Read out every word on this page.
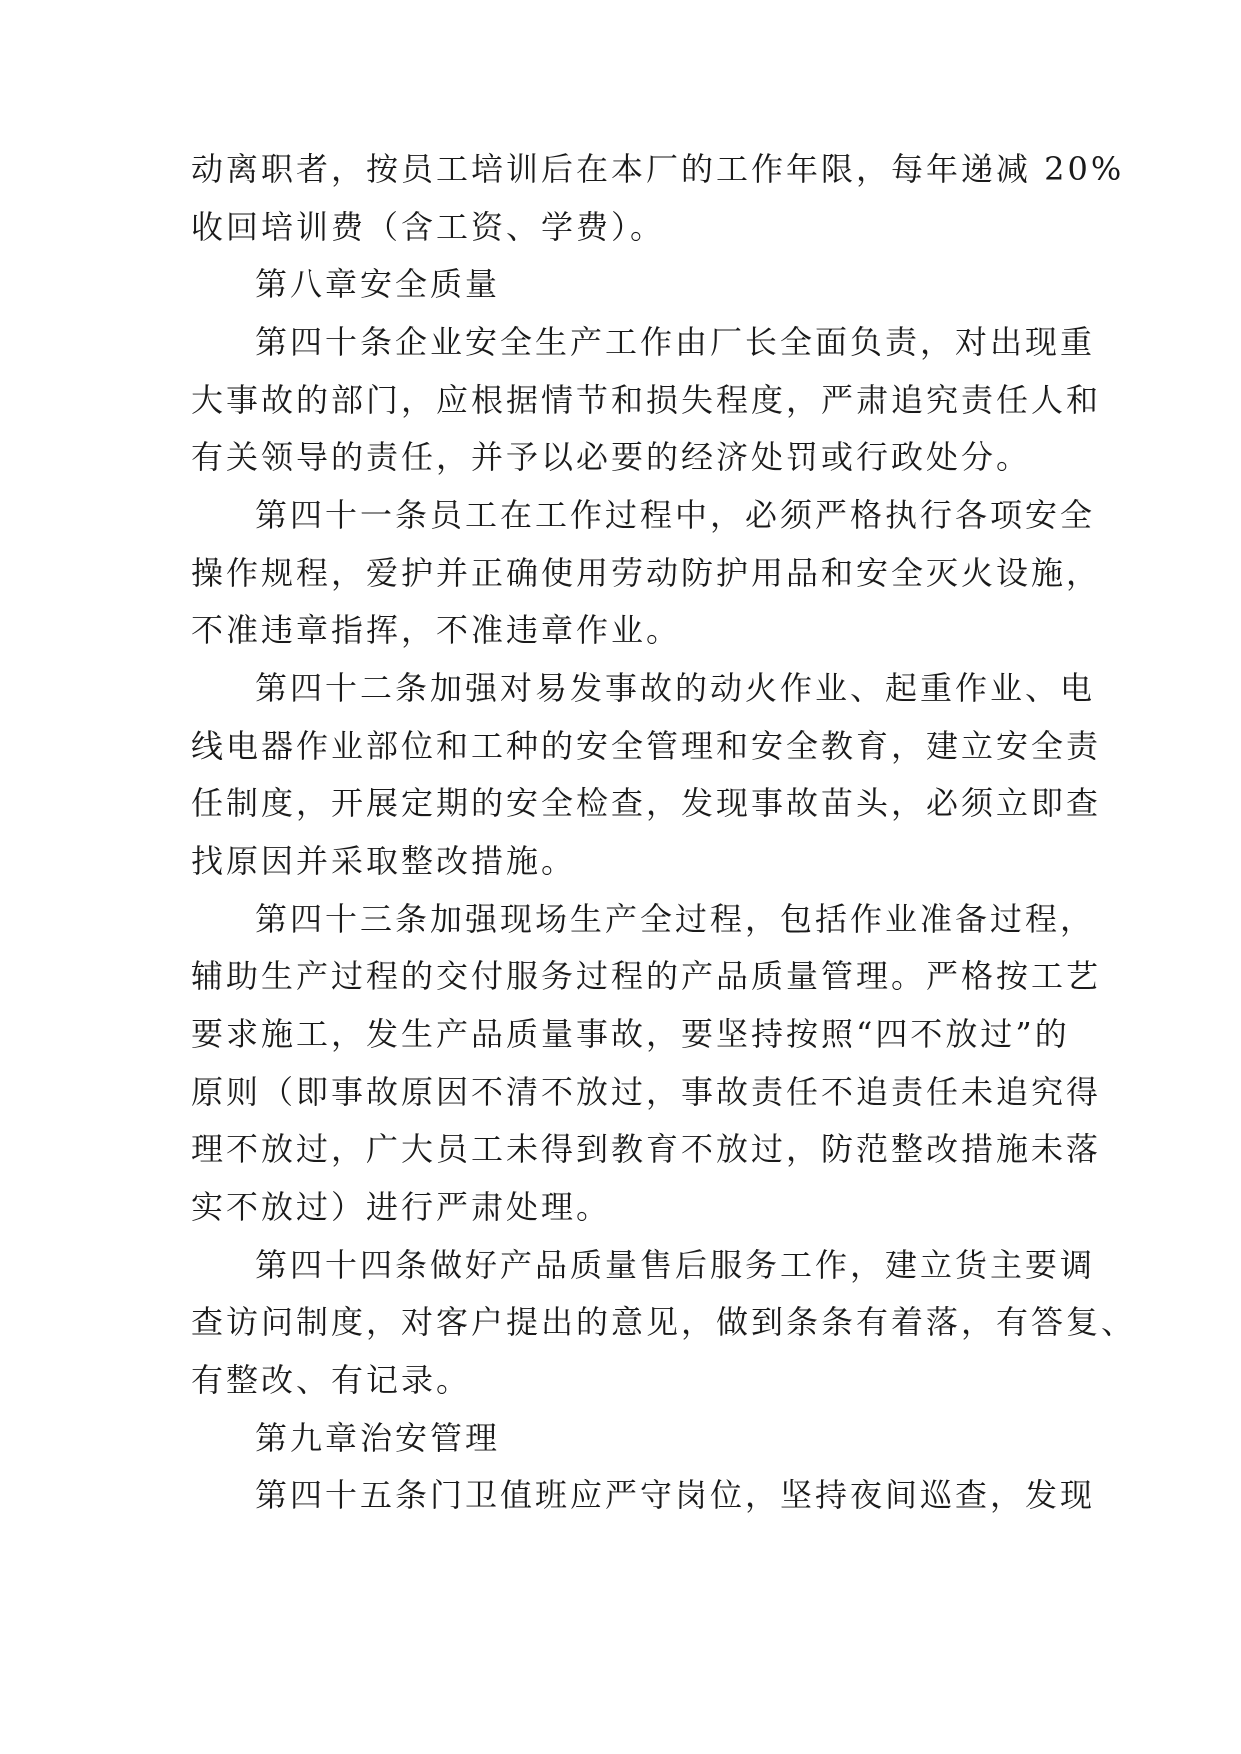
动离职者，按员工培训后在本厂的工作年限，每年递减 20%
收回培训费（含工资、学费）。
第八章安全质量
第四十条企业安全生产工作由厂长全面负责，对出现重
大事故的部门，应根据情节和损失程度，严肃追究责任人和
有关领导的责任，并予以必要的经济处罚或行政处分。
第四十一条员工在工作过程中，必须严格执行各项安全
操作规程，爱护并正确使用劳动防护用品和安全灭火设施，
不准违章指挥，不准违章作业。
第四十二条加强对易发事故的动火作业、起重作业、电
线电器作业部位和工种的安全管理和安全教育，建立安全责
任制度，开展定期的安全检查，发现事故苗头，必须立即查
找原因并采取整改措施。
第四十三条加强现场生产全过程，包括作业准备过程，
辅助生产过程的交付服务过程的产品质量管理。严格按工艺
要求施工，发生产品质量事故，要坚持按照“四不放过”的
原则（即事故原因不清不放过，事故责任不追责任未追究得
理不放过，广大员工未得到教育不放过，防范整改措施未落
实不放过）进行严肃处理。
第四十四条做好产品质量售后服务工作，建立货主要调
查访问制度，对客户提出的意见，做到条条有着落，有答复、
有整改、有记录。
第九章治安管理
第四十五条门卫值班应严守岗位，坚持夜间巡查，发现
